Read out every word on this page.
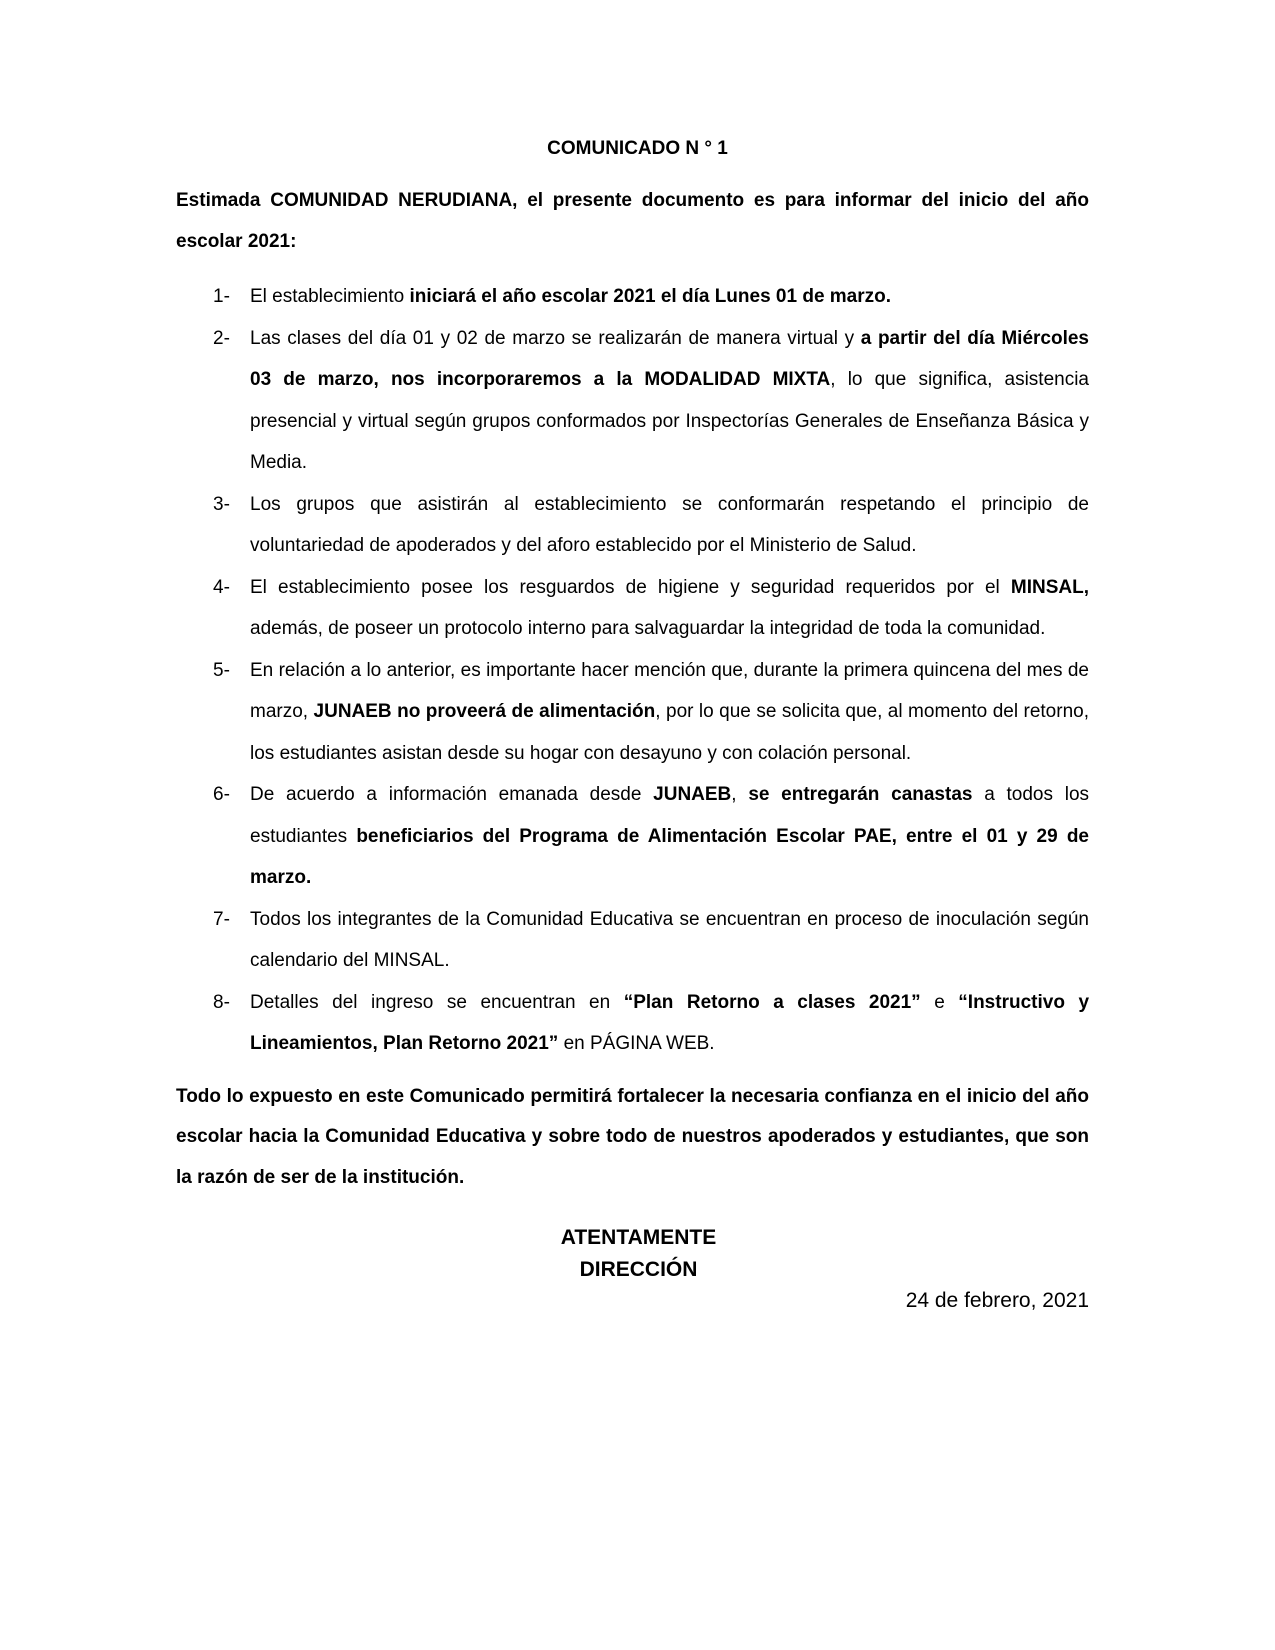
COMUNICADO N ° 1

Estimada COMUNIDAD NERUDIANA, el presente documento es para informar del inicio del año escolar 2021:

1- El establecimiento iniciará el año escolar 2021 el día Lunes 01 de marzo.
2- Las clases del día 01 y 02 de marzo se realizarán de manera virtual y a partir del día Miércoles 03 de marzo, nos incorporaremos a la MODALIDAD MIXTA, lo que significa, asistencia presencial y virtual según grupos conformados por Inspectorías Generales de Enseñanza Básica y Media.
3- Los grupos que asistirán al establecimiento se conformarán respetando el principio de voluntariedad de apoderados y del aforo establecido por el Ministerio de Salud.
4- El establecimiento posee los resguardos de higiene y seguridad requeridos por el MINSAL, además, de poseer un protocolo interno para salvaguardar la integridad de toda la comunidad.
5- En relación a lo anterior, es importante hacer mención que, durante la primera quincena del mes de marzo, JUNAEB no proveerá de alimentación, por lo que se solicita que, al momento del retorno, los estudiantes asistan desde su hogar con desayuno y con colación personal.
6- De acuerdo a información emanada desde JUNAEB, se entregarán canastas a todos los estudiantes beneficiarios del Programa de Alimentación Escolar PAE, entre el 01 y 29 de marzo.
7- Todos los integrantes de la Comunidad Educativa se encuentran en proceso de inoculación según calendario del MINSAL.
8- Detalles del ingreso se encuentran en “Plan Retorno a clases 2021” e “Instructivo y Lineamientos, Plan Retorno 2021” en PÁGINA WEB.

Todo lo expuesto en este Comunicado permitirá fortalecer la necesaria confianza en el inicio del año escolar hacia la Comunidad Educativa y sobre todo de nuestros apoderados y estudiantes, que son la razón de ser de la institución.

ATENTAMENTE
DIRECCIÓN
24 de febrero, 2021
